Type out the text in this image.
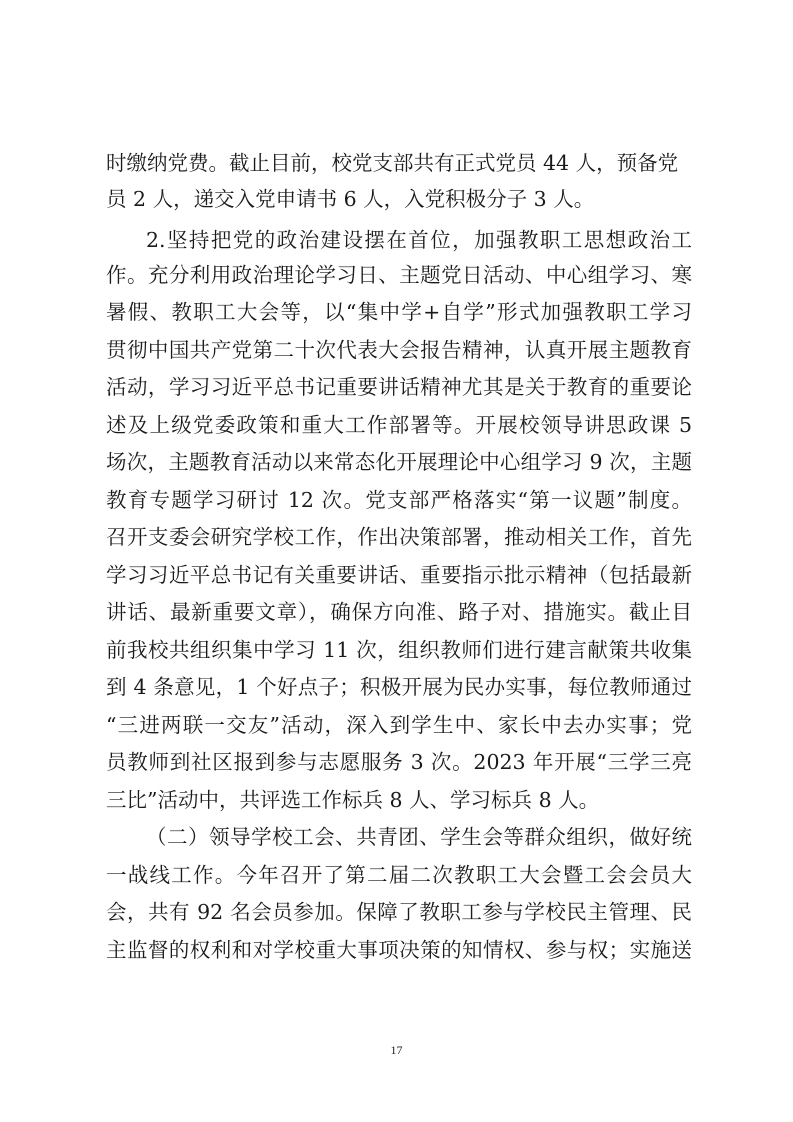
时缴纳党费。截止目前，校党支部共有正式党员 44 人，预备党
员 2 人，递交入党申请书 6 人，入党积极分子 3 人。
2.坚持把党的政治建设摆在首位，加强教职工思想政治工
作。充分利用政治理论学习日、主题党日活动、中心组学习、寒
暑假、教职工大会等，以“集中学+自学”形式加强教职工学习
贯彻中国共产党第二十次代表大会报告精神，认真开展主题教育
活动，学习习近平总书记重要讲话精神尤其是关于教育的重要论
述及上级党委政策和重大工作部署等。开展校领导讲思政课 5
场次，主题教育活动以来常态化开展理论中心组学习 9 次，主题
教育专题学习研讨 12 次。党支部严格落实“第一议题”制度。
召开支委会研究学校工作，作出决策部署，推动相关工作，首先
学习习近平总书记有关重要讲话、重要指示批示精神（包括最新
讲话、最新重要文章），确保方向准、路子对、措施实。截止目
前我校共组织集中学习 11 次，组织教师们进行建言献策共收集
到 4 条意见，1 个好点子；积极开展为民办实事，每位教师通过
“三进两联一交友”活动，深入到学生中、家长中去办实事；党
员教师到社区报到参与志愿服务 3 次。2023 年开展“三学三亮
三比”活动中，共评选工作标兵 8 人、学习标兵 8 人。
（二）领导学校工会、共青团、学生会等群众组织，做好统
一战线工作。今年召开了第二届二次教职工大会暨工会会员大
会，共有 92 名会员参加。保障了教职工参与学校民主管理、民
主监督的权利和对学校重大事项决策的知情权、参与权；实施送
17
